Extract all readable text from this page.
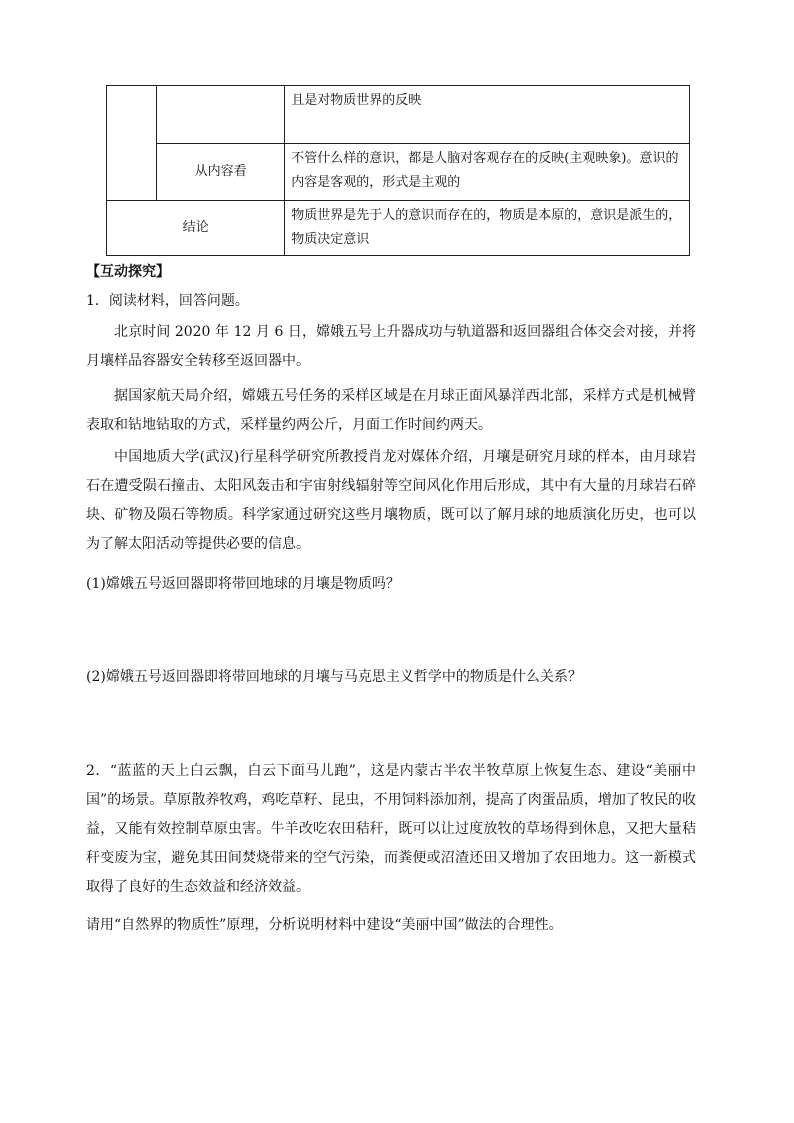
		且是对物质世界的反映

	从内容看	不管什么样的意识，都是人脑对客观存在的反映(主观映象)。意识的内容是客观的，形式是主观的

结论		物质世界是先于人的意识而存在的，物质是本原的，意识是派生的，物质决定意识
【互动探究】
1．阅读材料，回答问题。
北京时间 2020 年 12 月 6 日，嫦娥五号上升器成功与轨道器和返回器组合体交会对接，并将月壤样品容器安全转移至返回器中。
据国家航天局介绍，嫦娥五号任务的采样区域是在月球正面风暴洋西北部，采样方式是机械臂表取和钻地钻取的方式，采样量约两公斤，月面工作时间约两天。
中国地质大学(武汉)行星科学研究所教授肖龙对媒体介绍，月壤是研究月球的样本，由月球岩石在遭受陨石撞击、太阳风轰击和宇宙射线辐射等空间风化作用后形成，其中有大量的月球岩石碎块、矿物及陨石等物质。科学家通过研究这些月壤物质，既可以了解月球的地质演化历史，也可以为了解太阳活动等提供必要的信息。
(1)嫦娥五号返回器即将带回地球的月壤是物质吗？
(2)嫦娥五号返回器即将带回地球的月壤与马克思主义哲学中的物质是什么关系？
2．“蓝蓝的天上白云飘，白云下面马儿跑”，这是内蒙古半农半牧草原上恢复生态、建设“美丽中国”的场景。草原散养牧鸡，鸡吃草籽、昆虫，不用饲料添加剂，提高了肉蛋品质，增加了牧民的收益，又能有效控制草原虫害。牛羊改吃农田秸秆，既可以让过度放牧的草场得到休息，又把大量秸秆变废为宝，避免其田间焚烧带来的空气污染，而粪便或沼渣还田又增加了农田地力。这一新模式取得了良好的生态效益和经济效益。
请用“自然界的物质性”原理，分析说明材料中建设“美丽中国”做法的合理性。
